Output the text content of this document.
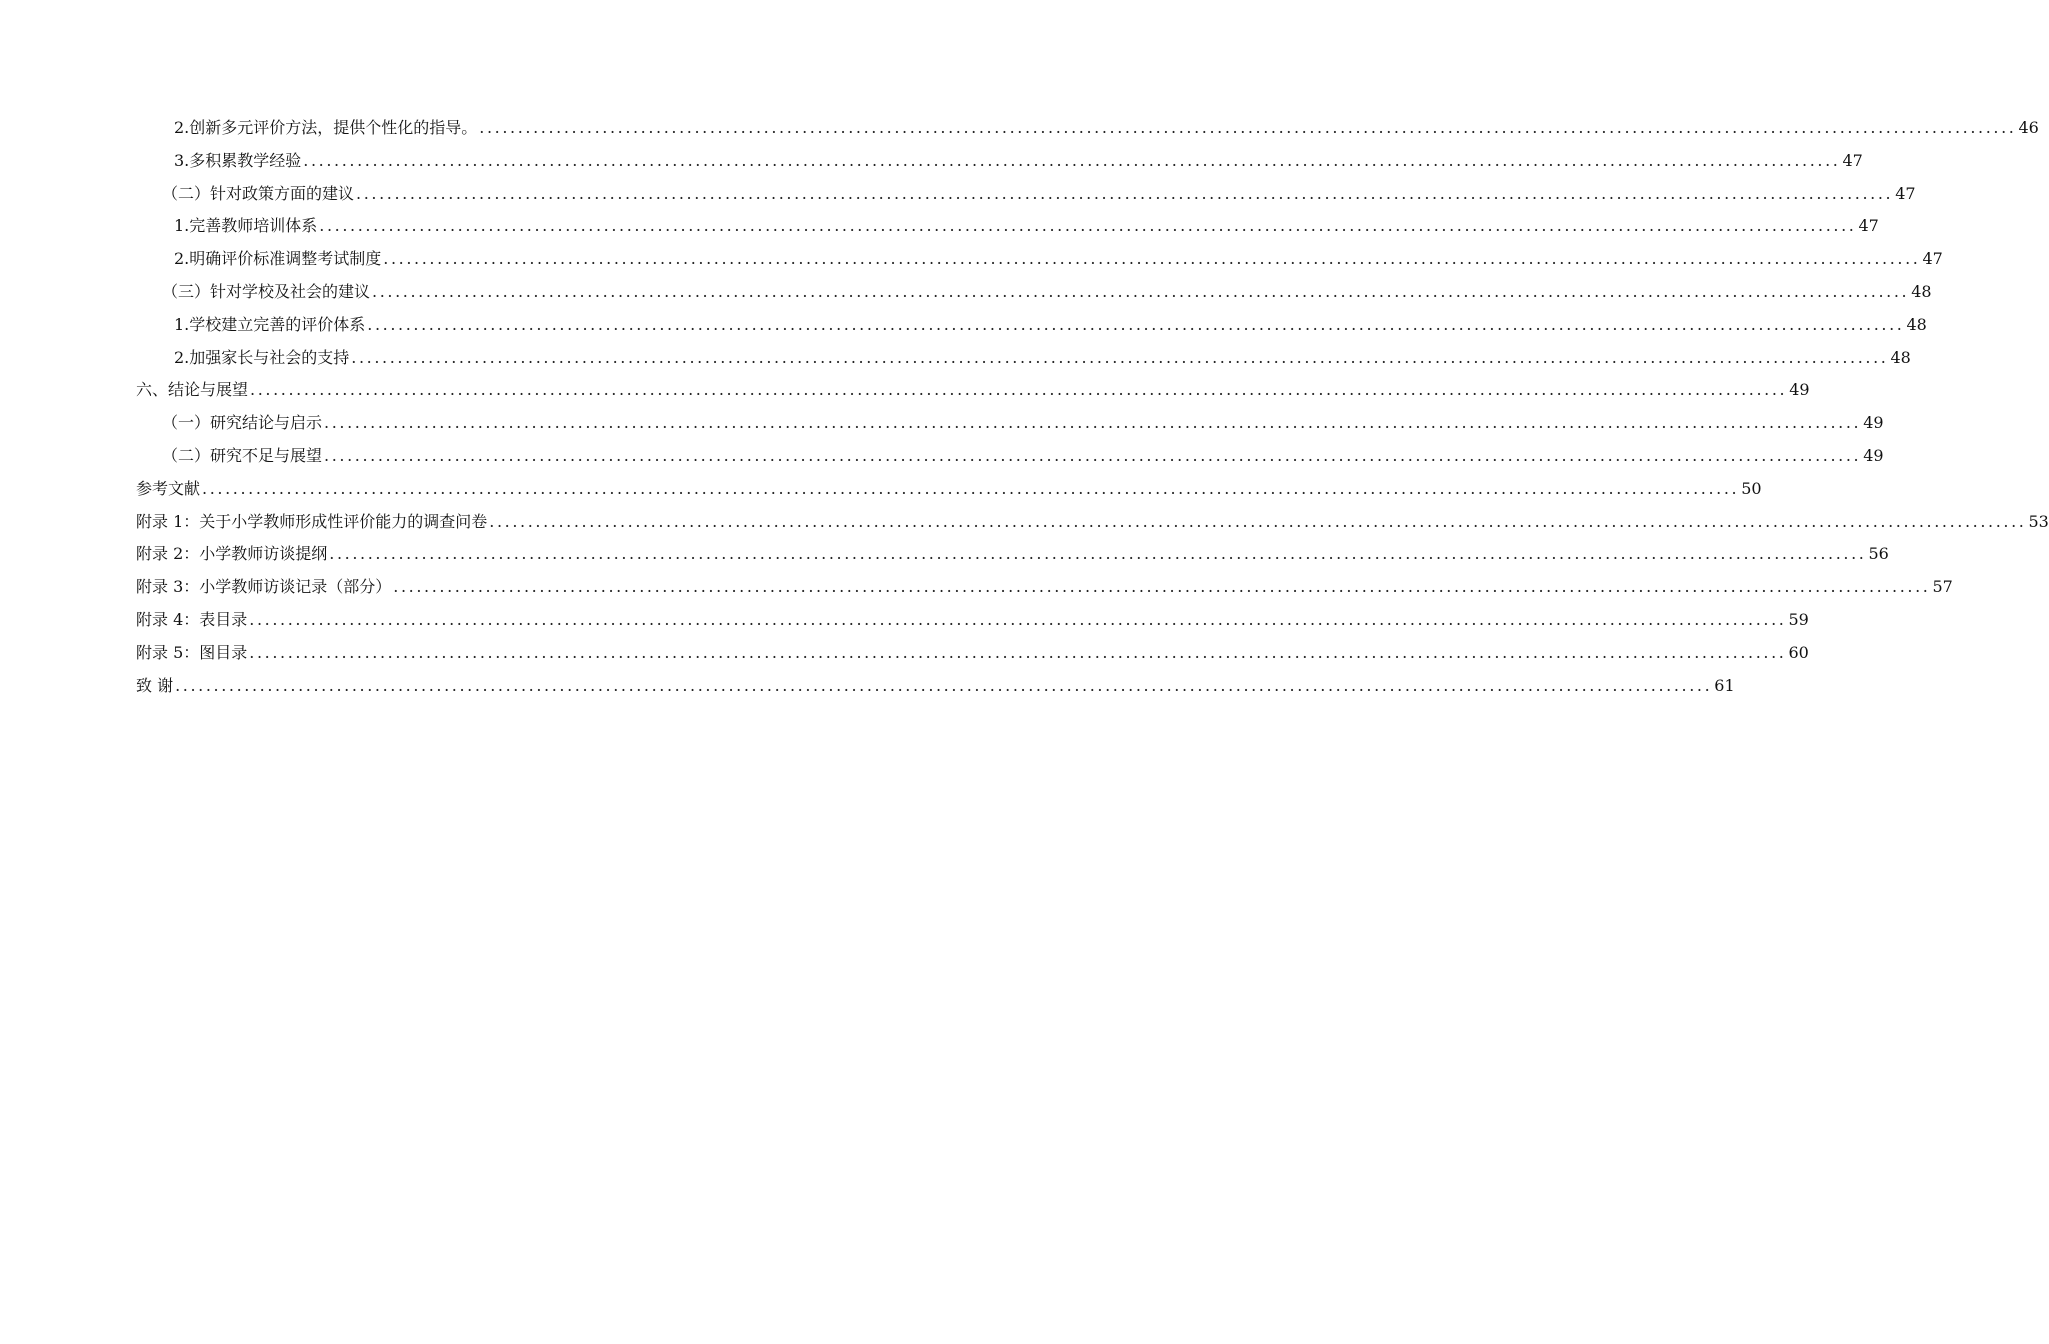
2.创新多元评价方法，提供个性化的指导。 ........................................................................................................................................................................................................ 46
3.多积累教学经验 ........................................................................................................................................................................................................ 47
（二）针对政策方面的建议 ........................................................................................................................................................................................................ 47
1.完善教师培训体系 ........................................................................................................................................................................................................ 47
2.明确评价标准调整考试制度 ........................................................................................................................................................................................................ 47
（三）针对学校及社会的建议 ........................................................................................................................................................................................................ 48
1.学校建立完善的评价体系 ........................................................................................................................................................................................................ 48
2.加强家长与社会的支持 ........................................................................................................................................................................................................ 48
六、结论与展望 ........................................................................................................................................................................................................ 49
（一）研究结论与启示 ........................................................................................................................................................................................................ 49
（二）研究不足与展望 ........................................................................................................................................................................................................ 49
参考文献 ........................................................................................................................................................................................................ 50
附录 1：关于小学教师形成性评价能力的调查问卷 ........................................................................................................................................................................................................ 53
附录 2：小学教师访谈提纲 ........................................................................................................................................................................................................ 56
附录 3：小学教师访谈记录（部分） ........................................................................................................................................................................................................ 57
附录 4：表目录 ........................................................................................................................................................................................................ 59
附录 5：图目录 ........................................................................................................................................................................................................ 60
致 谢 ........................................................................................................................................................................................................ 61
